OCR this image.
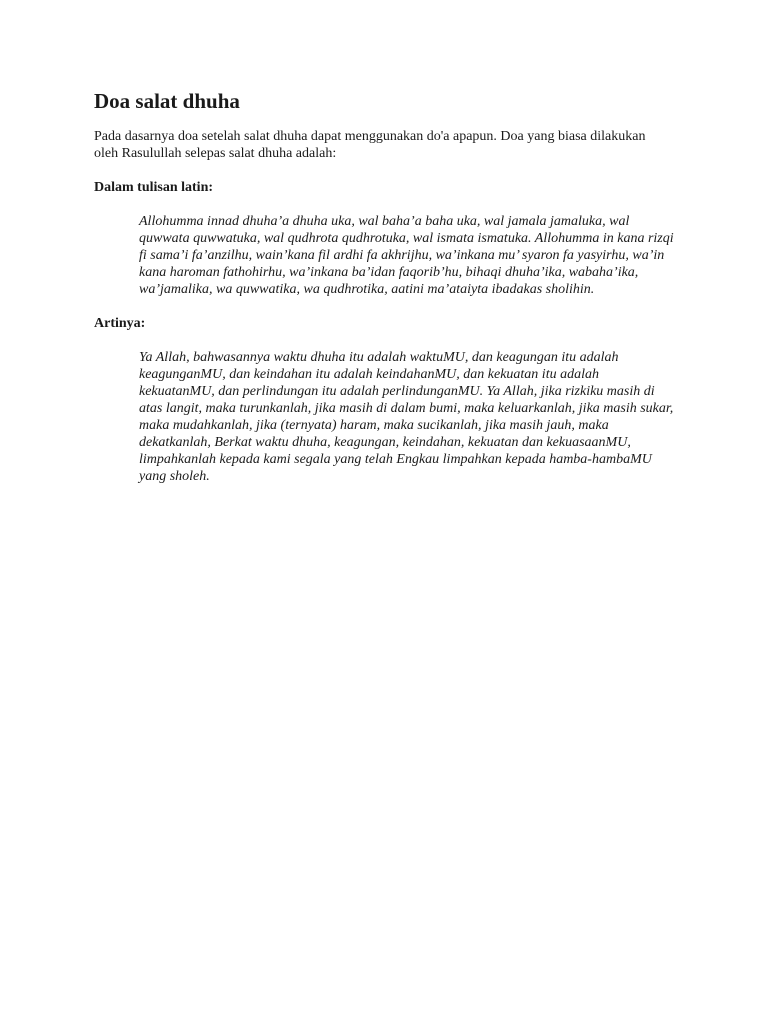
Doa salat dhuha

Pada dasarnya doa setelah salat dhuha dapat menggunakan do'a apapun. Doa yang biasa dilakukan oleh Rasulullah selepas salat dhuha adalah:

Dalam tulisan latin:

Allohumma innad dhuha’a dhuha uka, wal baha’a baha uka, wal jamala jamaluka, wal quwwata quwwatuka, wal qudhrota qudhrotuka, wal ismata ismatuka. Allohumma in kana rizqi fi sama’i fa’anzilhu, wain’kana fil ardhi fa akhrijhu, wa’inkana mu’ syaron fa yasyirhu, wa’in kana haroman fathohirhu, wa’inkana ba’idan faqorib’hu, bihaqi dhuha’ika, wabaha’ika, wa’jamalika, wa quwwatika, wa qudhrotika, aatini ma’ataiyta ibadakas sholihin.

Artinya:

Ya Allah, bahwasannya waktu dhuha itu adalah waktuMU, dan keagungan itu adalah keagunganMU, dan keindahan itu adalah keindahanMU, dan kekuatan itu adalah kekuatanMU, dan perlindungan itu adalah perlindunganMU. Ya Allah, jika rizkiku masih di atas langit, maka turunkanlah, jika masih di dalam bumi, maka keluarkanlah, jika masih sukar, maka mudahkanlah, jika (ternyata) haram, maka sucikanlah, jika masih jauh, maka dekatkanlah, Berkat waktu dhuha, keagungan, keindahan, kekuatan dan kekuasaanMU, limpahkanlah kepada kami segala yang telah Engkau limpahkan kepada hamba-hambaMU yang sholeh.
